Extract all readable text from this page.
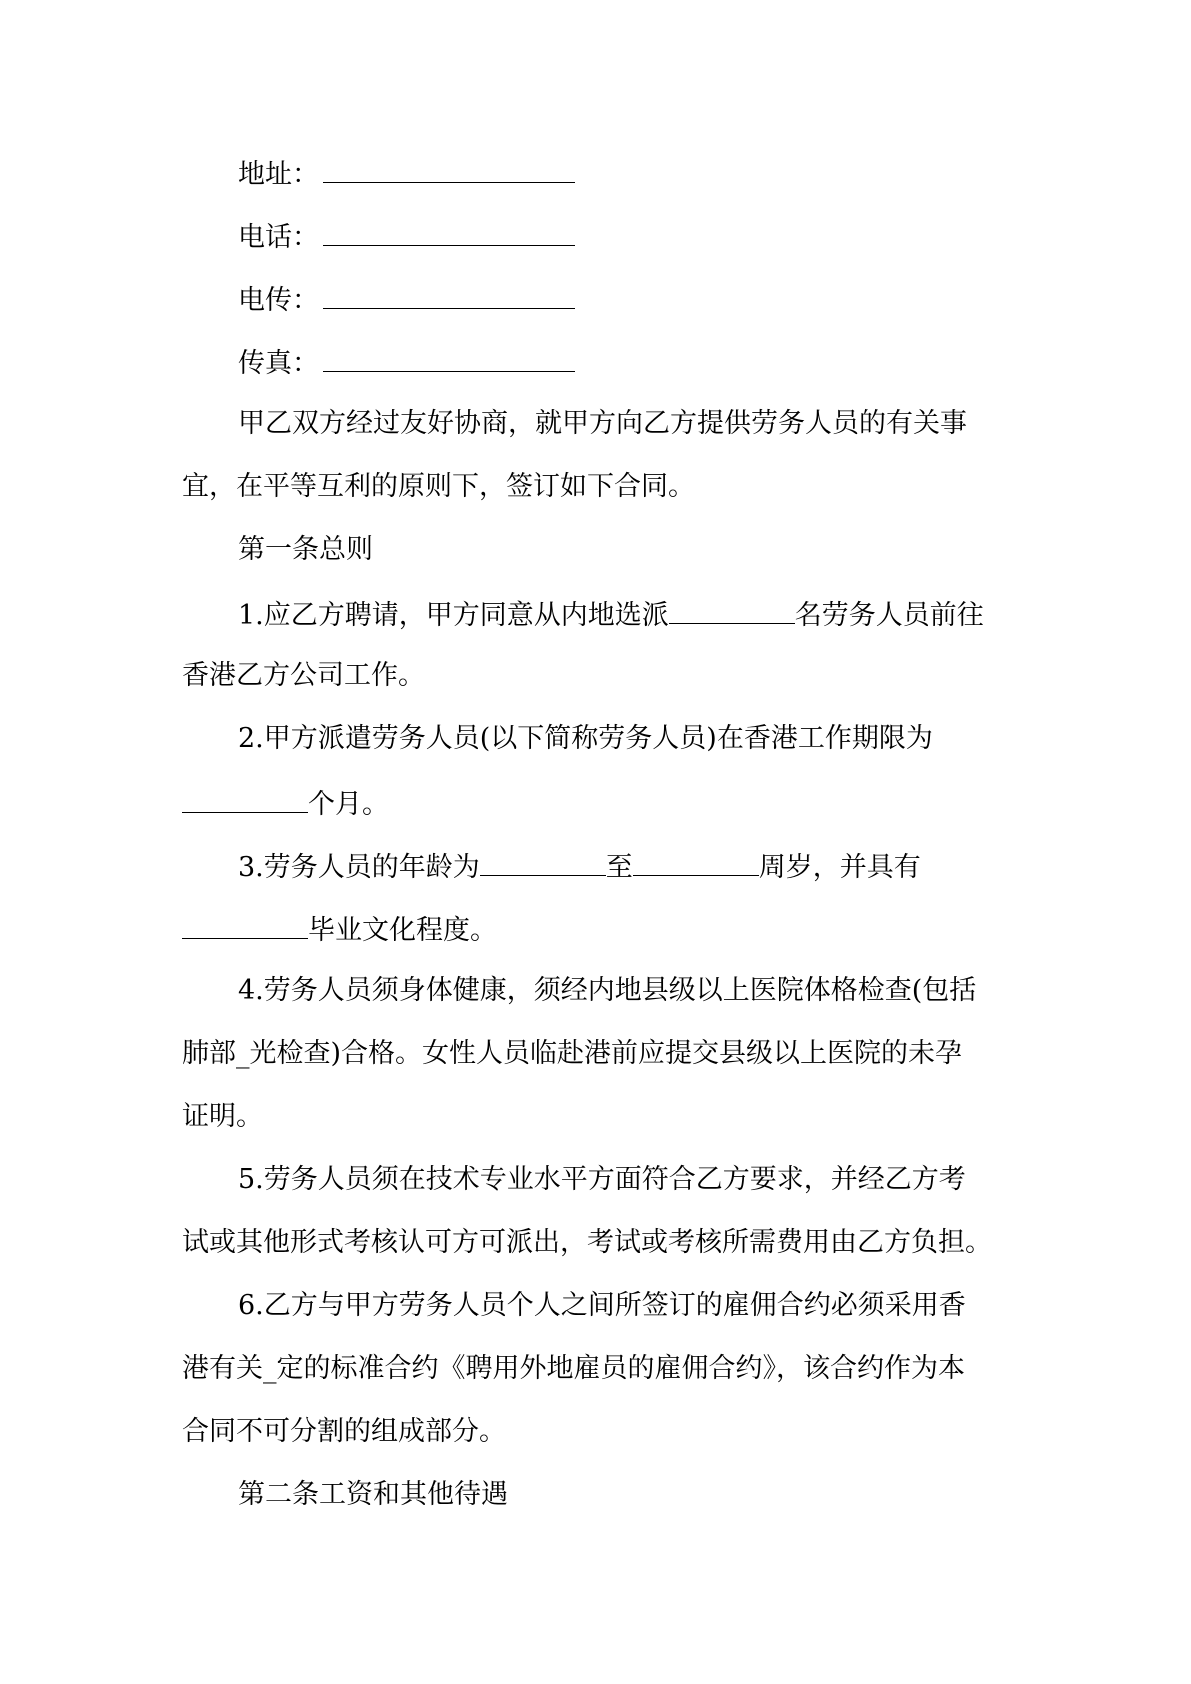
地址：
电话：
电传：
传真：
甲乙双方经过友好协商，就甲方向乙方提供劳务人员的有关事
宜，在平等互利的原则下，签订如下合同。
第一条总则
1.应乙方聘请，甲方同意从内地选派	名劳务人员前往
香港乙方公司工作。
2.甲方派遣劳务人员(以下简称劳务人员)在香港工作期限为
个月。
3.劳务人员的年龄为	至	周岁，并具有
毕业文化程度。
4.劳务人员须身体健康，须经内地县级以上医院体格检查(包括
肺部_光检查)合格。女性人员临赴港前应提交县级以上医院的未孕
证明。
5.劳务人员须在技术专业水平方面符合乙方要求，并经乙方考
试或其他形式考核认可方可派出，考试或考核所需费用由乙方负担。
6.乙方与甲方劳务人员个人之间所签订的雇佣合约必须采用香
港有关_定的标准合约《聘用外地雇员的雇佣合约》，该合约作为本
合同不可分割的组成部分。
第二条工资和其他待遇
